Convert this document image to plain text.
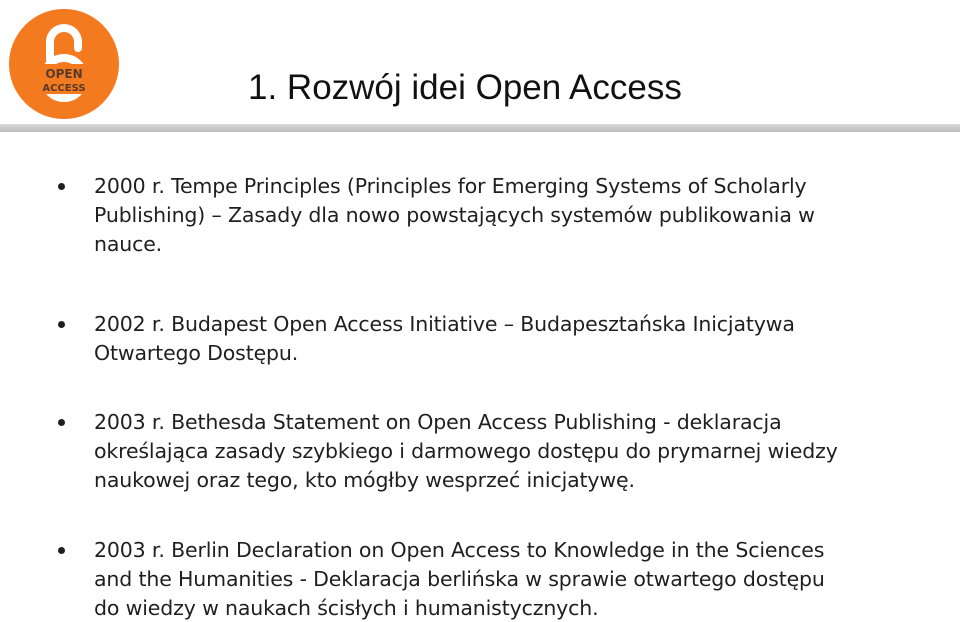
OPEN
ACCESS	1. Rozwój idei Open Access
2000 r. Tempe Principles (Principles for Emerging Systems of Scholarly
Publishing) – Zasady dla nowo powstających systemów publikowania w
nauce.
2002 r. Budapest Open Access Initiative – Budapesztańska Inicjatywa
Otwartego Dostępu.
2003 r. Bethesda Statement on Open Access Publishing - deklaracja
określająca zasady szybkiego i darmowego dostępu do prymarnej wiedzy
naukowej oraz tego, kto mógłby wesprzeć inicjatywę.
2003 r. Berlin Declaration on Open Access to Knowledge in the Sciences
and the Humanities - Deklaracja berlińska w sprawie otwartego dostępu
do wiedzy w naukach ścisłych i humanistycznych.
